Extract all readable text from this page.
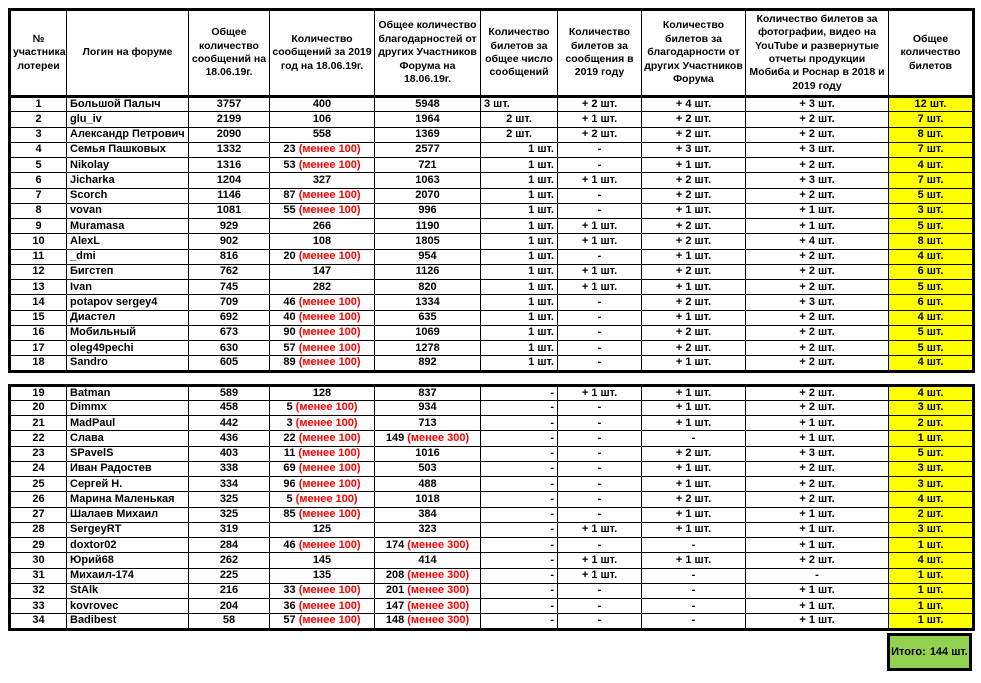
№ участника лотереи	Логин на форуме	Общее количество сообщений на 18.06.19г.	Количество сообщений за 2019 год на 18.06.19г.	Общее количество благодарностей от других Участников Форума на 18.06.19г.	Количество билетов за общее число сообщений	Количество билетов за сообщения в 2019 году	Количество билетов за благодарности от других Участников Форума	Количество билетов за фотографии, видео на YouTube и развернутые отчеты продукции Мобиба и Роснар в 2018 и 2019 году	Общее количество билетов
1	Большой Палыч	3757	400	5948	3 шт.	+ 2 шт.	+ 4 шт.	+ 3 шт.	12 шт.
2	glu_iv	2199	106	1964	2 шт.	+ 1 шт.	+ 2 шт.	+ 2 шт.	7 шт.
3	Александр Петрович	2090	558	1369	2 шт.	+ 2 шт.	+ 2 шт.	+ 2 шт.	8 шт.
4	Семья Пашковых	1332	23 (менее 100)	2577	1 шт.	-	+ 3 шт.	+ 3 шт.	7 шт.
5	Nikolay	1316	53 (менее 100)	721	1 шт.	-	+ 1 шт.	+ 2 шт.	4 шт.
6	Jicharka	1204	327	1063	1 шт.	+ 1 шт.	+ 2 шт.	+ 3 шт.	7 шт.
7	Scorch	1146	87 (менее 100)	2070	1 шт.	-	+ 2 шт.	+ 2 шт.	5 шт.
8	vovan	1081	55 (менее 100)	996	1 шт.	-	+ 1 шт.	+ 1 шт.	3 шт.
9	Muramasa	929	266	1190	1 шт.	+ 1 шт.	+ 2 шт.	+ 1 шт.	5 шт.
10	AlexL	902	108	1805	1 шт.	+ 1 шт.	+ 2 шт.	+ 4 шт.	8 шт.
11	_dmi	816	20 (менее 100)	954	1 шт.	-	+ 1 шт.	+ 2 шт.	4 шт.
12	Бигстеп	762	147	1126	1 шт.	+ 1 шт.	+ 2 шт.	+ 2 шт.	6 шт.
13	Ivan	745	282	820	1 шт.	+ 1 шт.	+ 1 шт.	+ 2 шт.	5 шт.
14	potapov sergey4	709	46 (менее 100)	1334	1 шт.	-	+ 2 шт.	+ 3 шт.	6 шт.
15	Диастел	692	40 (менее 100)	635	1 шт.	-	+ 1 шт.	+ 2 шт.	4 шт.
16	Мобильный	673	90 (менее 100)	1069	1 шт.	-	+ 2 шт.	+ 2 шт.	5 шт.
17	oleg49pechi	630	57 (менее 100)	1278	1 шт.	-	+ 2 шт.	+ 2 шт.	5 шт.
18	Sandro	605	89 (менее 100)	892	1 шт.	-	+ 1 шт.	+ 2 шт.	4 шт.
19	Batman	589	128	837	-	+ 1 шт.	+ 1 шт.	+ 2 шт.	4 шт.
20	Dimmx	458	5 (менее 100)	934	-	-	+ 1 шт.	+ 2 шт.	3 шт.
21	MadPaul	442	3 (менее 100)	713	-	-	+ 1 шт.	+ 1 шт.	2 шт.
22	Слава	436	22 (менее 100)	149 (менее 300)	-	-	-	+ 1 шт.	1 шт.
23	SPavelS	403	11 (менее 100)	1016	-	-	+ 2 шт.	+ 3 шт.	5 шт.
24	Иван Радостев	338	69 (менее 100)	503	-	-	+ 1 шт.	+ 2 шт.	3 шт.
25	Сергей Н.	334	96 (менее 100)	488	-	-	+ 1 шт.	+ 2 шт.	3 шт.
26	Марина Маленькая	325	5 (менее 100)	1018	-	-	+ 2 шт.	+ 2 шт.	4 шт.
27	Шалаев Михаил	325	85 (менее 100)	384	-	-	+ 1 шт.	+ 1 шт.	2 шт.
28	SergeyRT	319	125	323	-	+ 1 шт.	+ 1 шт.	+ 1 шт.	3 шт.
29	doxtor02	284	46 (менее 100)	174 (менее 300)	-	-	-	+ 1 шт.	1 шт.
30	Юрий68	262	145	414	-	+ 1 шт.	+ 1 шт.	+ 2 шт.	4 шт.
31	Михаил-174	225	135	208 (менее 300)	-	+ 1 шт.	-	-	1 шт.
32	StAlk	216	33 (менее 100)	201 (менее 300)	-	-	-	+ 1 шт.	1 шт.
33	kovrovec	204	36 (менее 100)	147 (менее 300)	-	-	-	+ 1 шт.	1 шт.
34	Badibest	58	57 (менее 100)	148 (менее 300)	-	-	-	+ 1 шт.	1 шт.
Итого: 144 шт.
